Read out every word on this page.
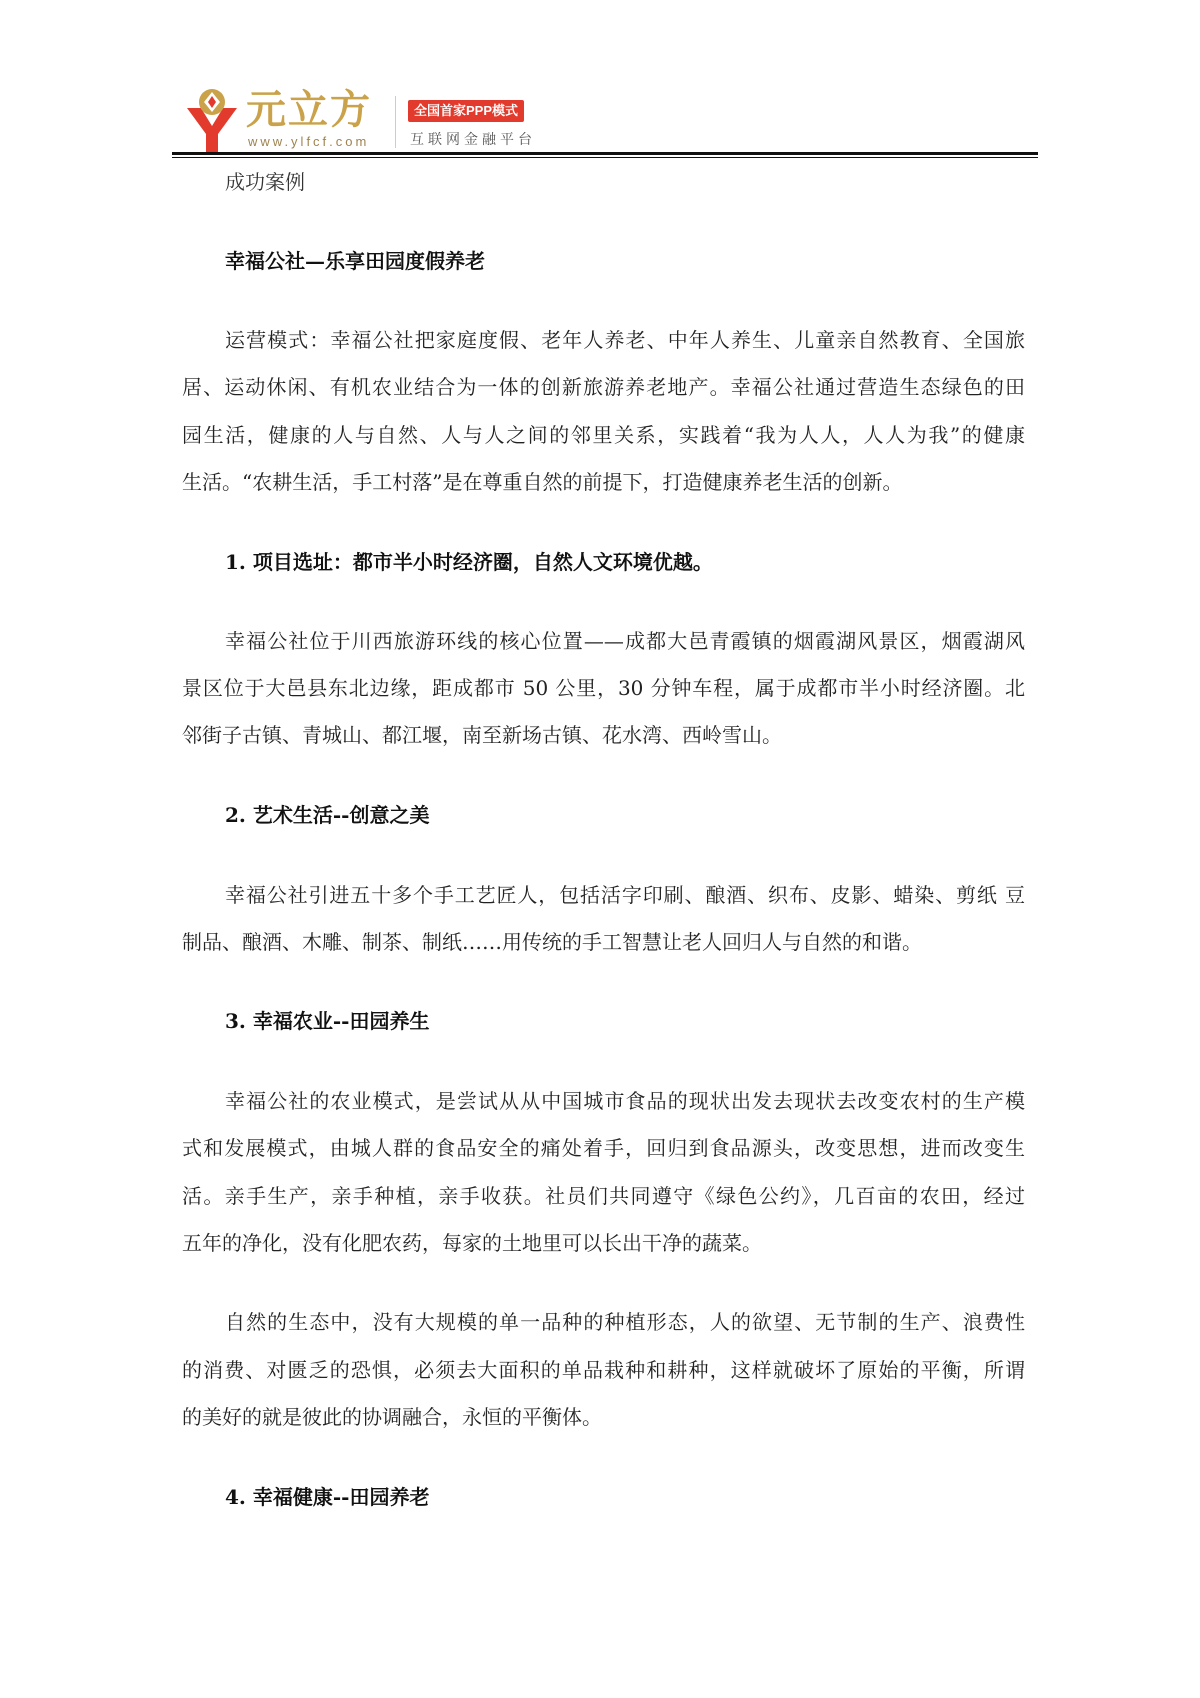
元立方
www.ylfcf.com
全国首家PPP模式
互联网金融平台
成功案例
幸福公社—乐享田园度假养老
运营模式：幸福公社把家庭度假、老年人养老、中年人养生、儿童亲自然教育、全国旅
居、运动休闲、有机农业结合为一体的创新旅游养老地产。幸福公社通过营造生态绿色的田
园生活，健康的人与自然、人与人之间的邻里关系，实践着“我为人人，人人为我”的健康
生活。“农耕生活，手工村落”是在尊重自然的前提下，打造健康养老生活的创新。
1. 项目选址：都市半小时经济圈，自然人文环境优越。
幸福公社位于川西旅游环线的核心位置——成都大邑青霞镇的烟霞湖风景区，烟霞湖风
景区位于大邑县东北边缘，距成都市 50 公里，30 分钟车程，属于成都市半小时经济圈。北
邻街子古镇、青城山、都江堰，南至新场古镇、花水湾、西岭雪山。
2. 艺术生活--创意之美
幸福公社引进五十多个手工艺匠人，包括活字印刷、酿酒、织布、皮影、蜡染、剪纸 豆
制品、酿酒、木雕、制茶、制纸……用传统的手工智慧让老人回归人与自然的和谐。
3. 幸福农业--田园养生
幸福公社的农业模式，是尝试从从中国城市食品的现状出发去现状去改变农村的生产模
式和发展模式，由城人群的食品安全的痛处着手，回归到食品源头，改变思想，进而改变生
活。亲手生产，亲手种植，亲手收获。社员们共同遵守《绿色公约》，几百亩的农田，经过
五年的净化，没有化肥农药，每家的土地里可以长出干净的蔬菜。
自然的生态中，没有大规模的单一品种的种植形态，人的欲望、无节制的生产、浪费性
的消费、对匮乏的恐惧，必须去大面积的单品栽种和耕种，这样就破坏了原始的平衡，所谓
的美好的就是彼此的协调融合，永恒的平衡体。
4. 幸福健康--田园养老
